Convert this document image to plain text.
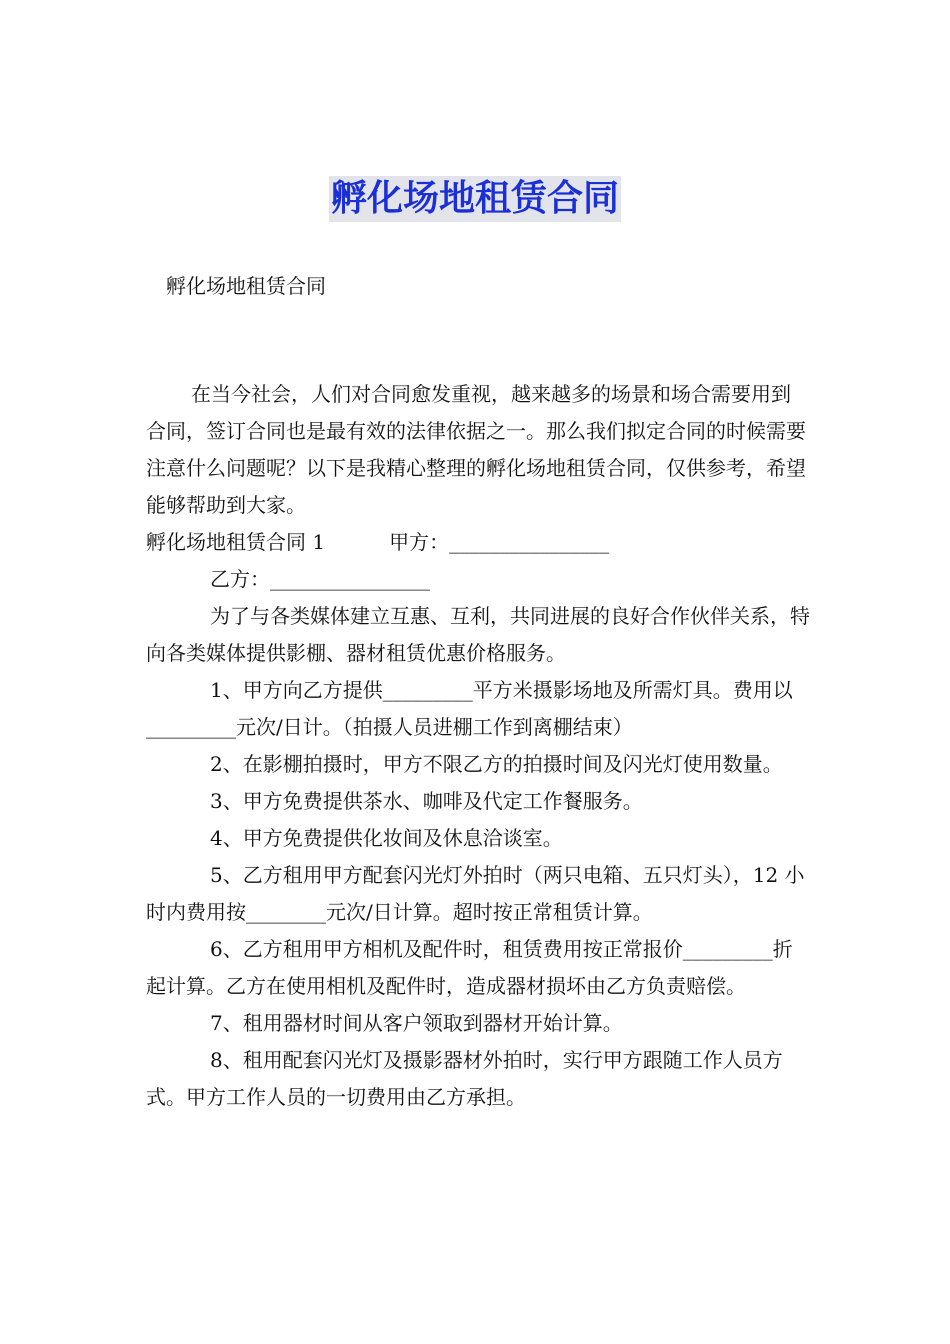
孵化场地租赁合同
孵化场地租赁合同

在当今社会，人们对合同愈发重视，越来越多的场景和场合需要用到合同，签订合同也是最有效的法律依据之一。那么我们拟定合同的时候需要注意什么问题呢？以下是我精心整理的孵化场地租赁合同，仅供参考，希望能够帮助到大家。

孵化场地租赁合同 1	甲方：________________

乙方：________________

为了与各类媒体建立互惠、互利，共同进展的良好合作伙伴关系，特向各类媒体提供影棚、器材租赁优惠价格服务。

1、甲方向乙方提供_________平方米摄影场地及所需灯具。费用以_________元次/日计。（拍摄人员进棚工作到离棚结束）

2、在影棚拍摄时，甲方不限乙方的拍摄时间及闪光灯使用数量。

3、甲方免费提供茶水、咖啡及代定工作餐服务。

4、甲方免费提供化妆间及休息洽谈室。

5、乙方租用甲方配套闪光灯外拍时（两只电箱、五只灯头），12 小时内费用按________元次/日计算。超时按正常租赁计算。

6、乙方租用甲方相机及配件时，租赁费用按正常报价_________折起计算。乙方在使用相机及配件时，造成器材损坏由乙方负责赔偿。

7、租用器材时间从客户领取到器材开始计算。

8、租用配套闪光灯及摄影器材外拍时，实行甲方跟随工作人员方式。甲方工作人员的一切费用由乙方承担。
